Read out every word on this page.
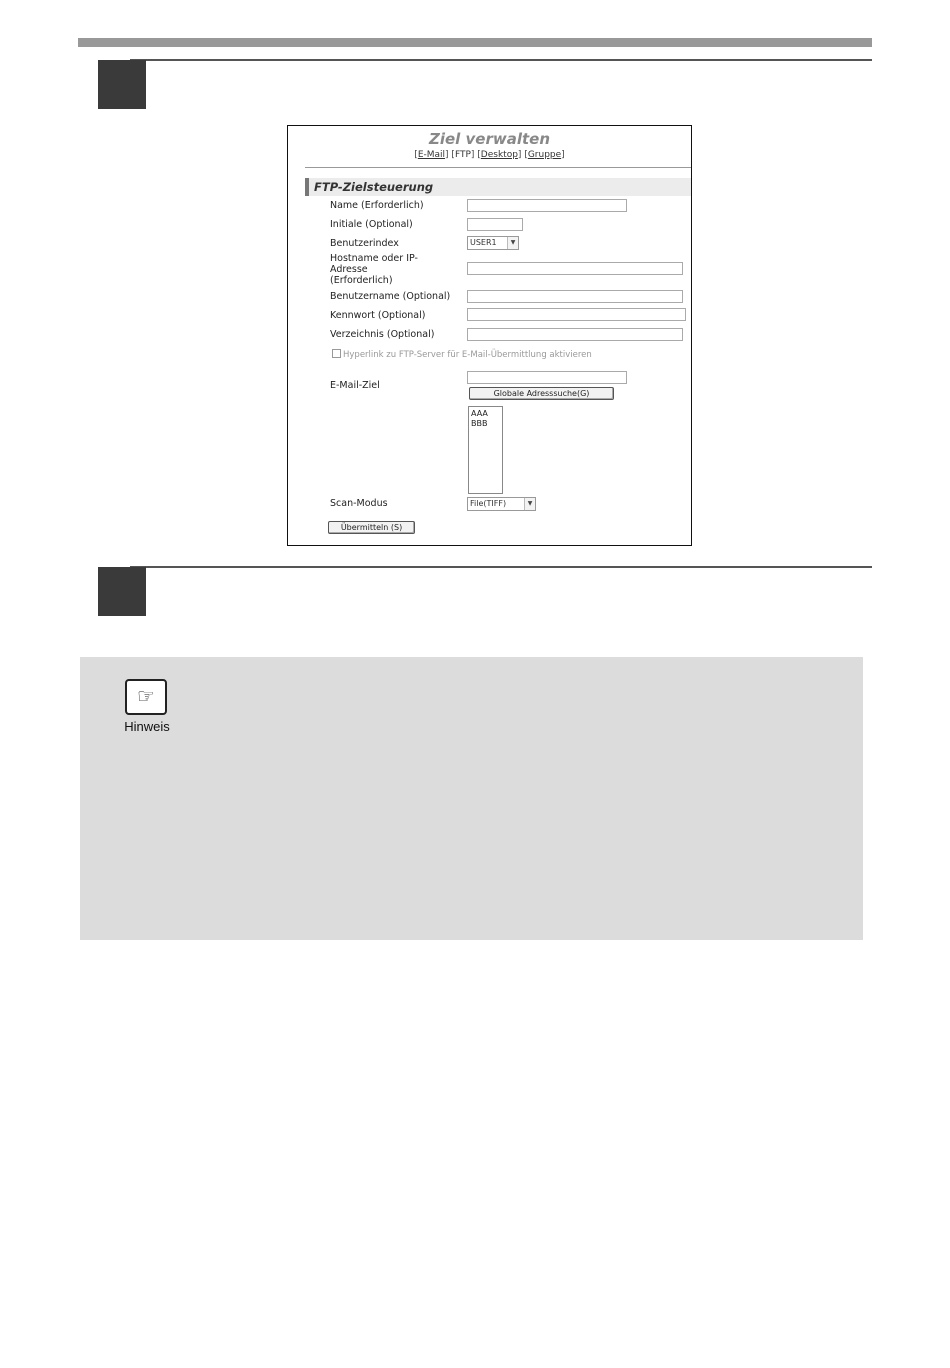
Ziel verwalten
[E-Mail] [FTP] [Desktop] [Gruppe]
FTP-Zielsteuerung
Name (Erforderlich)
Initiale (Optional)
Benutzerindex	USER1	▼
Hostname oder IP-
Adresse
(Erforderlich)
Benutzername (Optional)
Kennwort (Optional)
Verzeichnis (Optional)
Hyperlink zu FTP-Server für E-Mail-Übermittlung aktivieren
E-Mail-Ziel
Globale Adresssuche(G)
AAA
BBB
Scan-Modus	File(TIFF)	▼
Übermitteln (S)
☞
Hinweis
